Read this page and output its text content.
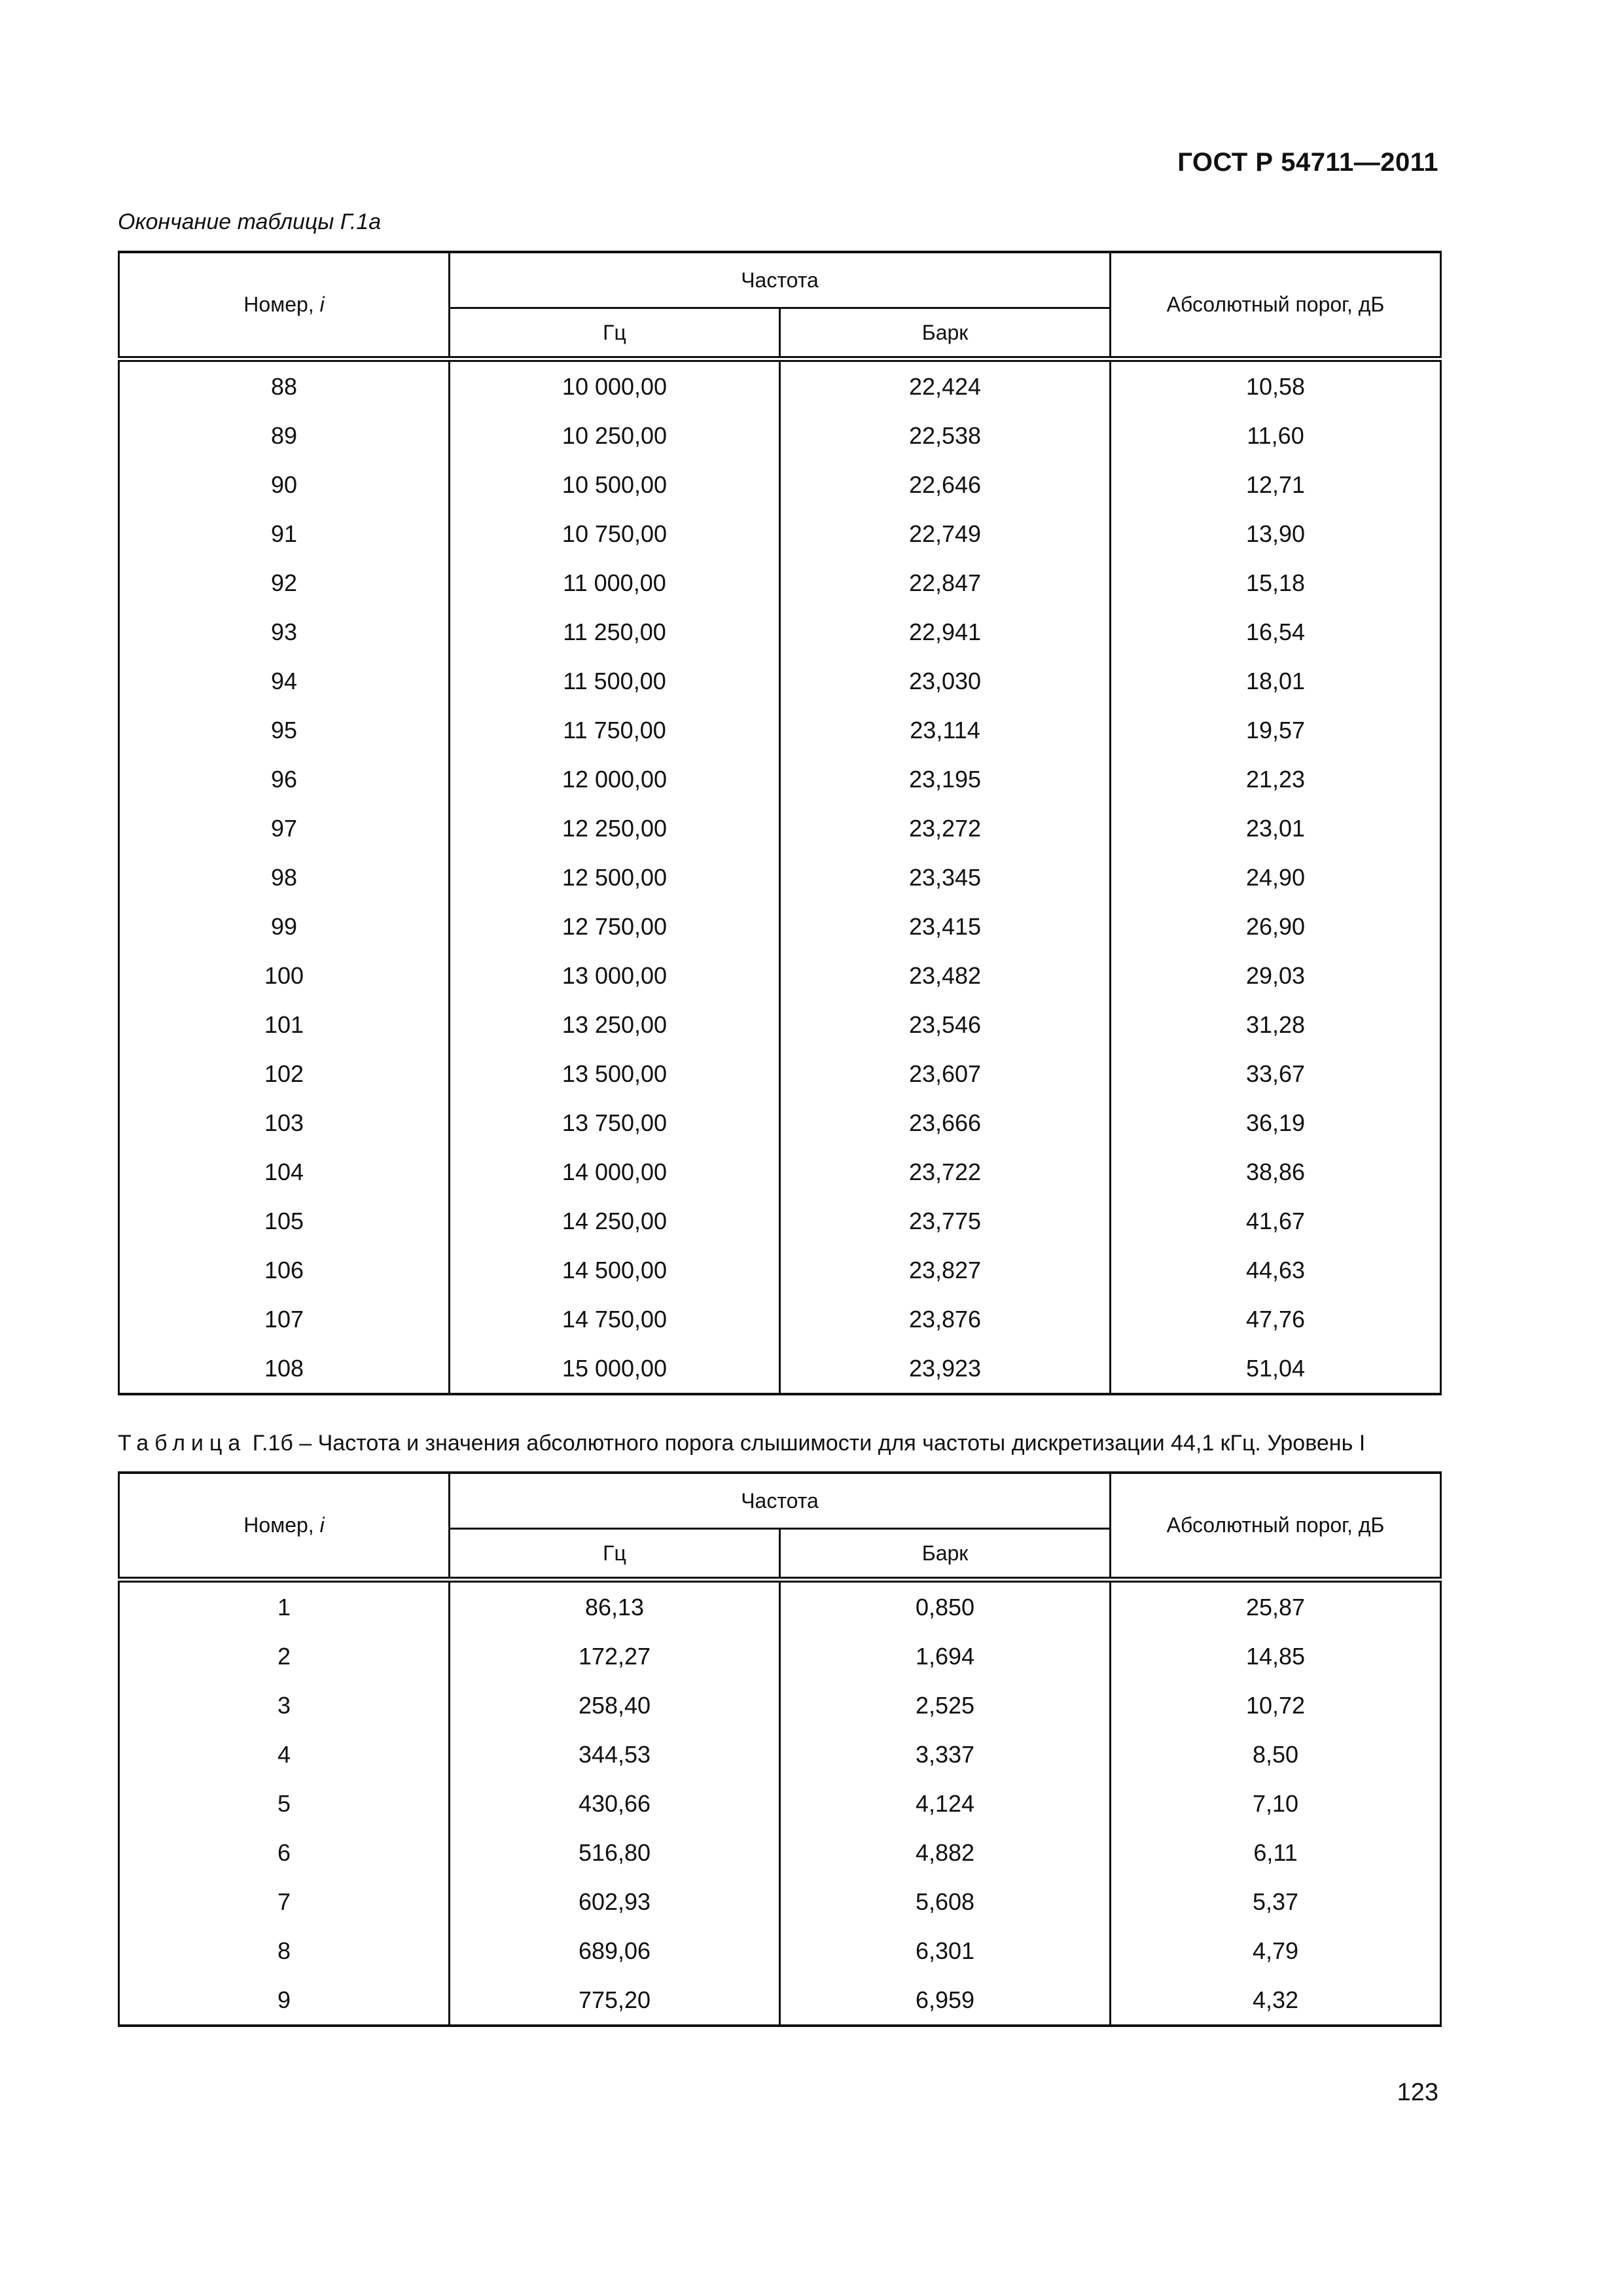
ГОСТ Р 54711—2011
Окончание таблицы Г.1а
Номер, i	Частота		Абсолютный порог, дБ
	Гц	Барк	
88	10 000,00	22,424	10,58
89	10 250,00	22,538	11,60
90	10 500,00	22,646	12,71
91	10 750,00	22,749	13,90
92	11 000,00	22,847	15,18
93	11 250,00	22,941	16,54
94	11 500,00	23,030	18,01
95	11 750,00	23,114	19,57
96	12 000,00	23,195	21,23
97	12 250,00	23,272	23,01
98	12 500,00	23,345	24,90
99	12 750,00	23,415	26,90
100	13 000,00	23,482	29,03
101	13 250,00	23,546	31,28
102	13 500,00	23,607	33,67
103	13 750,00	23,666	36,19
104	14 000,00	23,722	38,86
105	14 250,00	23,775	41,67
106	14 500,00	23,827	44,63
107	14 750,00	23,876	47,76
108	15 000,00	23,923	51,04
Таблица Г.1б – Частота и значения абсолютного порога слышимости для частоты дискретизации 44,1 кГц. Уровень I
Номер, i	Частота		Абсолютный порог, дБ
	Гц	Барк	
1	86,13	0,850	25,87
2	172,27	1,694	14,85
3	258,40	2,525	10,72
4	344,53	3,337	8,50
5	430,66	4,124	7,10
6	516,80	4,882	6,11
7	602,93	5,608	5,37
8	689,06	6,301	4,79
9	775,20	6,959	4,32
123
